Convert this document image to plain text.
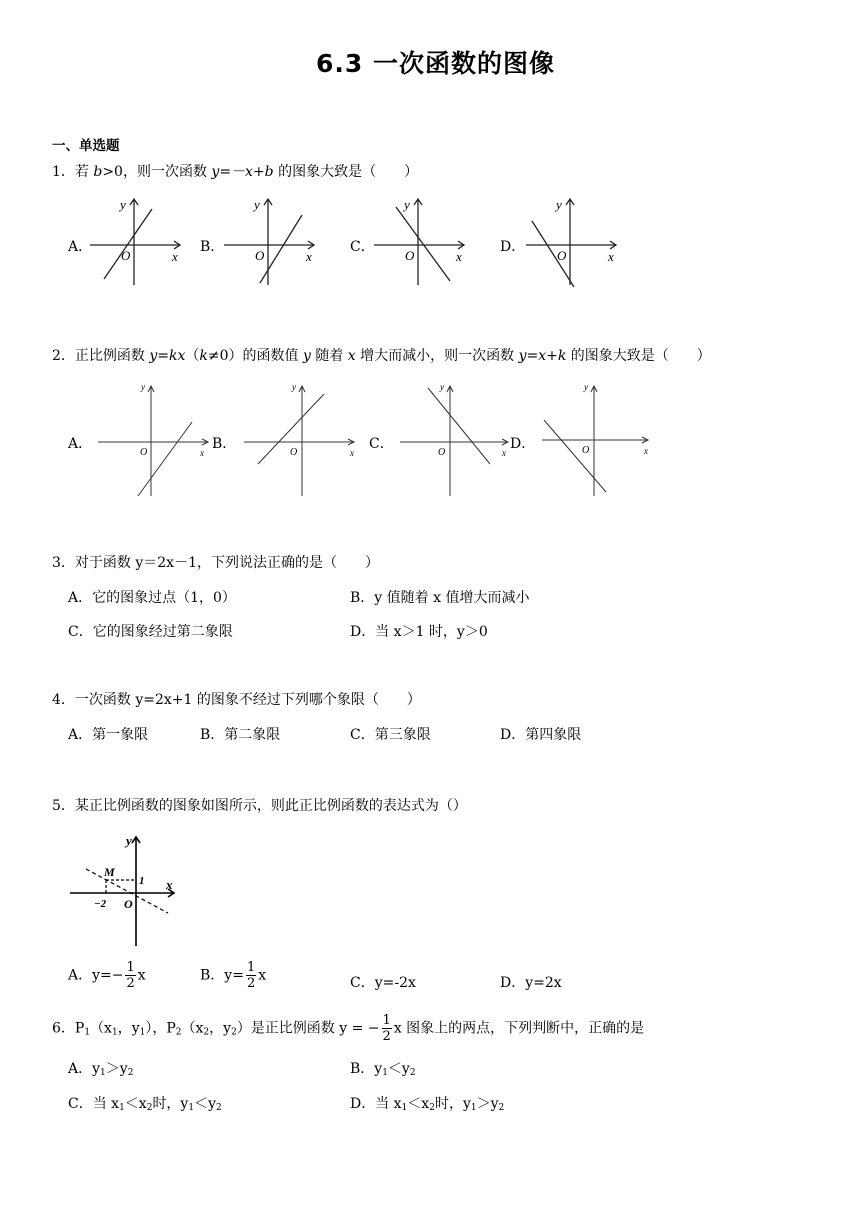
6.3 一次函数的图像
一、单选题
1．若 b>0，则一次函数 y=－x+b 的图象大致是（　　）
A．
y
x
O
B．
y
x
O
C．
y
x
O
D．
y
x
O
2．正比例函数 y=kx（k≠0）的函数值 y 随着 x 增大而减小，则一次函数 y=x+k 的图象大致是（　　）
A．
y
x
O
B．
y
x
O
C．
y
x
O
D．
y
x
O
3．对于函数 y＝2x－1，下列说法正确的是（　　）
A．它的图象过点（1，0）	B．y 值随着 x 值增大而减小
C．它的图象经过第二象限	D．当 x＞1 时，y＞0
4．一次函数 y=2x+1 的图象不经过下列哪个象限（　　）
A．第一象限	B．第二象限	C．第三象限	D．第四象限
5．某正比例函数的图象如图所示，则此正比例函数的表达式为（）
y
x
M
1
−2 O
A．$y=- \frac{1}{2}$ x	B．$y= \frac{1}{2}$ x	C．y=-2x	D．y=2x
6．$P_1(x_1$，$y_1$），$P_2(x_2$，$y_2$）是正比例函数 y = − $\frac{1}{2}$ x 图象上的两点，下列判断中，正确的是
A．$y_1>y_2$	B．$y_1<y_2$
C．当 $x_1<x_2$时，$y_1<y_2$	D．当 $x_1<x_2$时，$y_1>y_2$
